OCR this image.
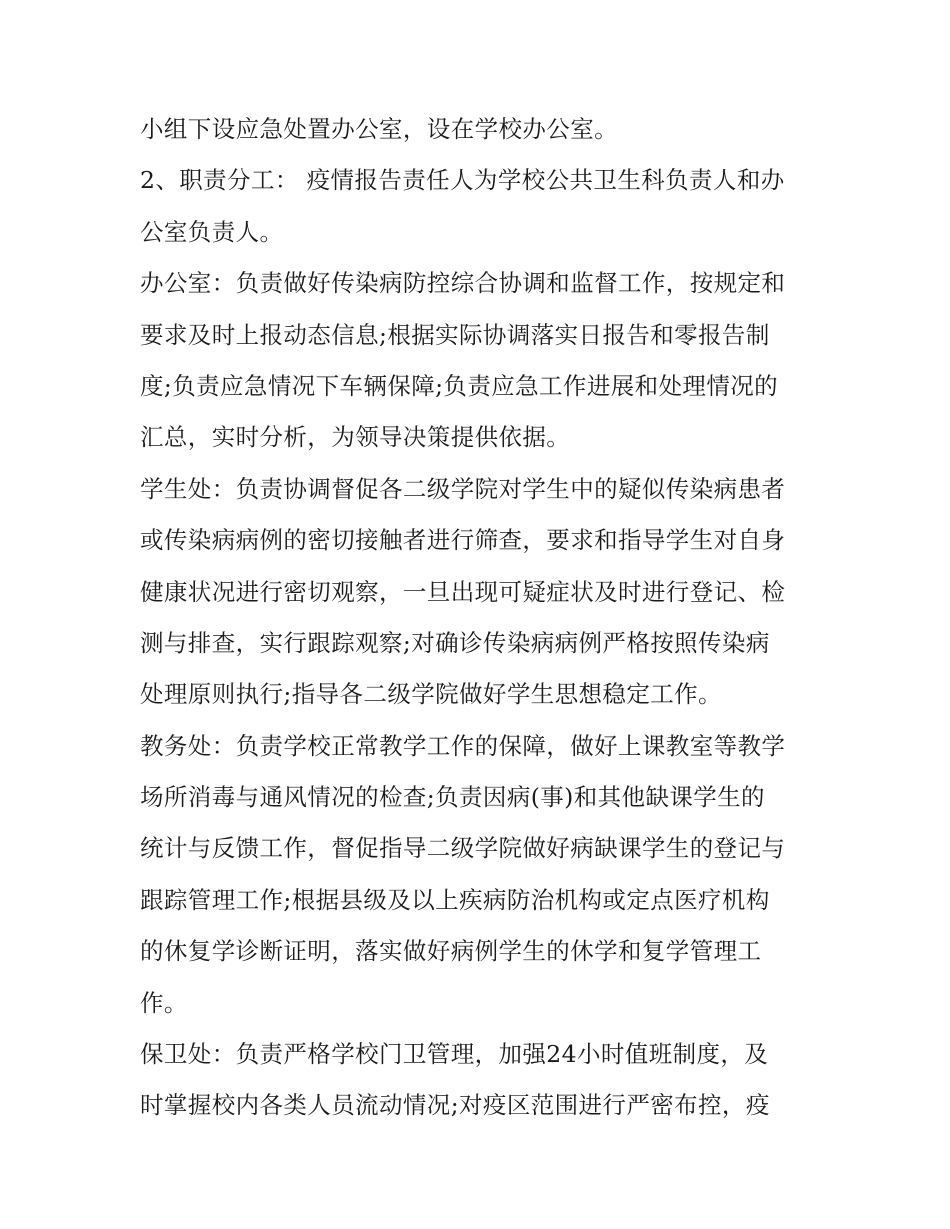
小组下设应急处置办公室，设在学校办公室。
2、职责分工： 疫情报告责任人为学校公共卫生科负责人和办
公室负责人。
办公室：负责做好传染病防控综合协调和监督工作，按规定和
要求及时上报动态信息;根据实际协调落实日报告和零报告制
度;负责应急情况下车辆保障;负责应急工作进展和处理情况的
汇总，实时分析，为领导决策提供依据。
学生处：负责协调督促各二级学院对学生中的疑似传染病患者
或传染病病例的密切接触者进行筛查，要求和指导学生对自身
健康状况进行密切观察，一旦出现可疑症状及时进行登记、检
测与排查，实行跟踪观察;对确诊传染病病例严格按照传染病
处理原则执行;指导各二级学院做好学生思想稳定工作。
教务处：负责学校正常教学工作的保障，做好上课教室等教学
场所消毒与通风情况的检查;负责因病(事)和其他缺课学生的
统计与反馈工作，督促指导二级学院做好病缺课学生的登记与
跟踪管理工作;根据县级及以上疾病防治机构或定点医疗机构
的休复学诊断证明，落实做好病例学生的休学和复学管理工
作。
保卫处：负责严格学校门卫管理，加强24小时值班制度，及
时掌握校内各类人员流动情况;对疫区范围进行严密布控，疫
